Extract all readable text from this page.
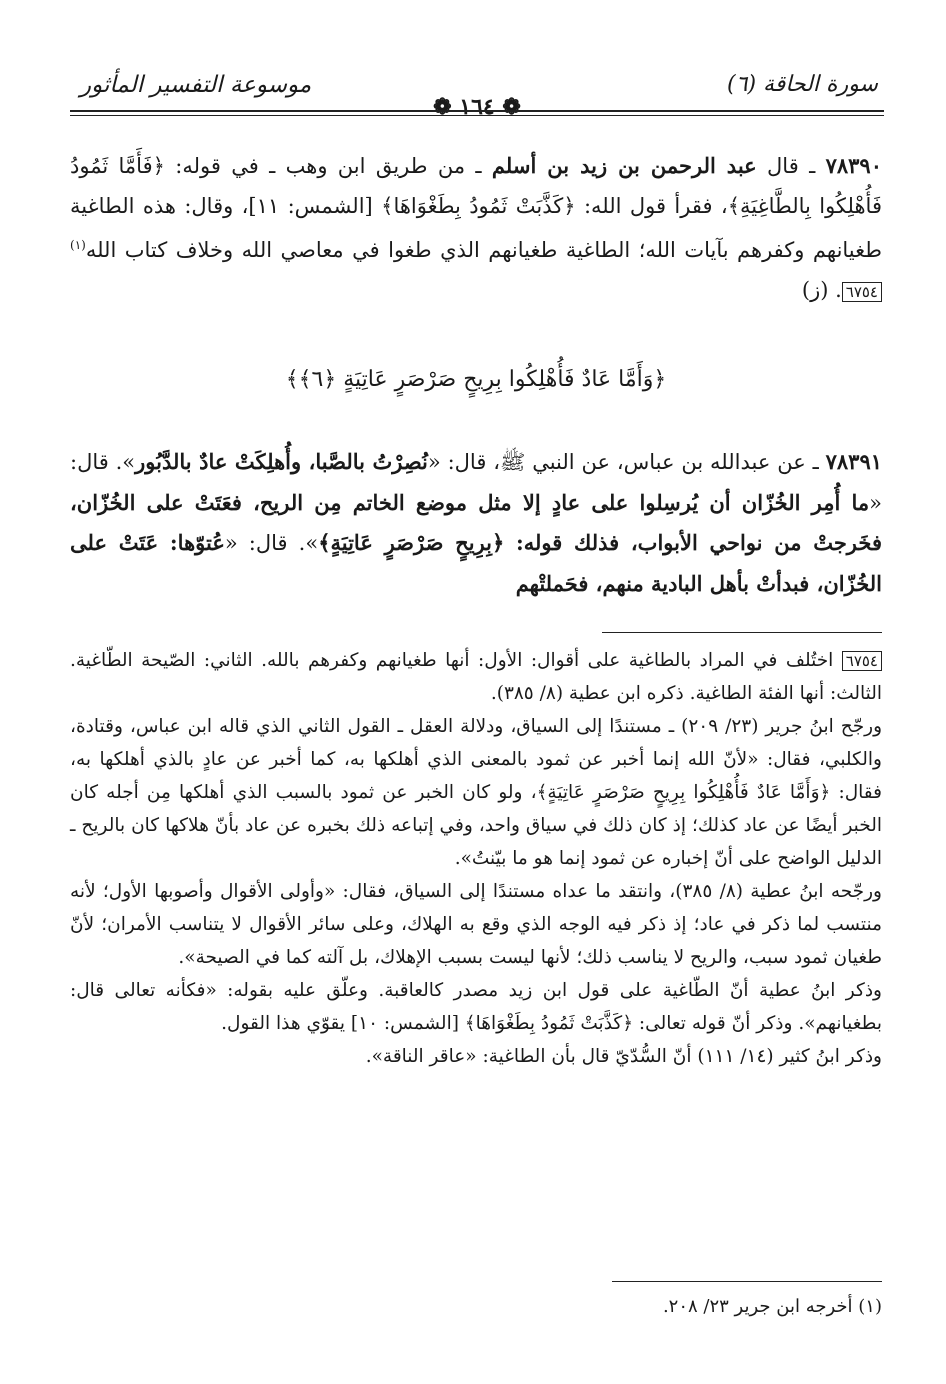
موسوعة التفسير المأثور	سورة الحاقة (٦)
❁ ١٦٤ ❁

٧٨٣٩٠ ـ قال عبد الرحمن بن زيد بن أسلم ـ من طريق ابن وهب ـ في قوله: ﴿فَأَمَّا ثَمُودُ فَأُهْلِكُوا بِالطَّاغِيَةِ﴾، فقرأ قول الله: ﴿كَذَّبَتْ ثَمُودُ بِطَغْوَاهَا﴾ [الشمس: ١١]، وقال: هذه الطاغية طغيانهم وكفرهم بآيات الله؛ الطاغية طغيانهم الذي طغوا في معاصي الله وخلاف كتاب الله$^{(١)}$٦٧٥٤. (ز)

﴿وَأَمَّا عَادٌ فَأُهْلِكُوا بِرِيحٍ صَرْصَرٍ عَاتِيَةٍ ﴿٦﴾﴾

٧٨٣٩١ ـ عن عبدالله بن عباس، عن النبي ﷺ، قال: «نُصِرْتُ بالصَّبا، وأُهلِكَتْ عادٌ بالدَّبُور». قال: «ما أُمِر الخُزّان أن يُرسِلوا على عادٍ إلا مثل موضع الخاتم مِن الريح، فعَتَتْ على الخُزّان، فخَرجتْ من نواحي الأبواب، فذلك قوله: ﴿بِرِيحٍ صَرْصَرٍ عَاتِيَةٍ﴾». قال: «عُتوّها: عَتَتْ على الخُزّان، فبدأتْ بأهل البادية منهم، فحَملتْهم

٦٧٥٤ اختُلف في المراد بالطاغية على أقوال: الأول: أنها طغيانهم وكفرهم بالله. الثاني: الصّيحة الطّاغية. الثالث: أنها الفئة الطاغية. ذكره ابن عطية (٨/ ٣٨٥).

ورجّح ابنُ جرير (٢٣/ ٢٠٩) ـ مستندًا إلى السياق، ودلالة العقل ـ القول الثاني الذي قاله ابن عباس، وقتادة، والكلبي، فقال: «لأنّ الله إنما أخبر عن ثمود بالمعنى الذي أهلكها به، كما أخبر عن عادٍ بالذي أهلكها به، فقال: ﴿وَأَمَّا عَادٌ فَأُهْلِكُوا بِرِيحٍ صَرْصَرٍ عَاتِيَةٍ﴾، ولو كان الخبر عن ثمود بالسبب الذي أهلكها مِن أجله كان الخبر أيضًا عن عاد كذلك؛ إذ كان ذلك في سياق واحد، وفي إتباعه ذلك بخبره عن عاد بأنّ هلاكها كان بالريح ـ الدليل الواضح على أنّ إخباره عن ثمود إنما هو ما بيّنتُ».

ورجّحه ابنُ عطية (٨/ ٣٨٥)، وانتقد ما عداه مستندًا إلى السياق، فقال: «وأولى الأقوال وأصوبها الأول؛ لأنه منتسب لما ذكر في عاد؛ إذ ذكر فيه الوجه الذي وقع به الهلاك، وعلى سائر الأقوال لا يتناسب الأمران؛ لأنّ طغيان ثمود سبب، والريح لا يناسب ذلك؛ لأنها ليست بسبب الإهلاك، بل آلته كما في الصيحة».

وذكر ابنُ عطية أنّ الطّاغية على قول ابن زيد مصدر كالعاقبة. وعلّق عليه بقوله: «فكأنه تعالى قال: بطغيانهم». وذكر أنّ قوله تعالى: ﴿كَذَّبَتْ ثَمُودُ بِطَغْوَاهَا﴾ [الشمس: ١٠] يقوّي هذا القول.

وذكر ابنُ كثير (١٤/ ١١١) أنّ السُّدّيّ قال بأن الطاغية: «عاقر الناقة».

(١) أخرجه ابن جرير ٢٣/ ٢٠٨.
